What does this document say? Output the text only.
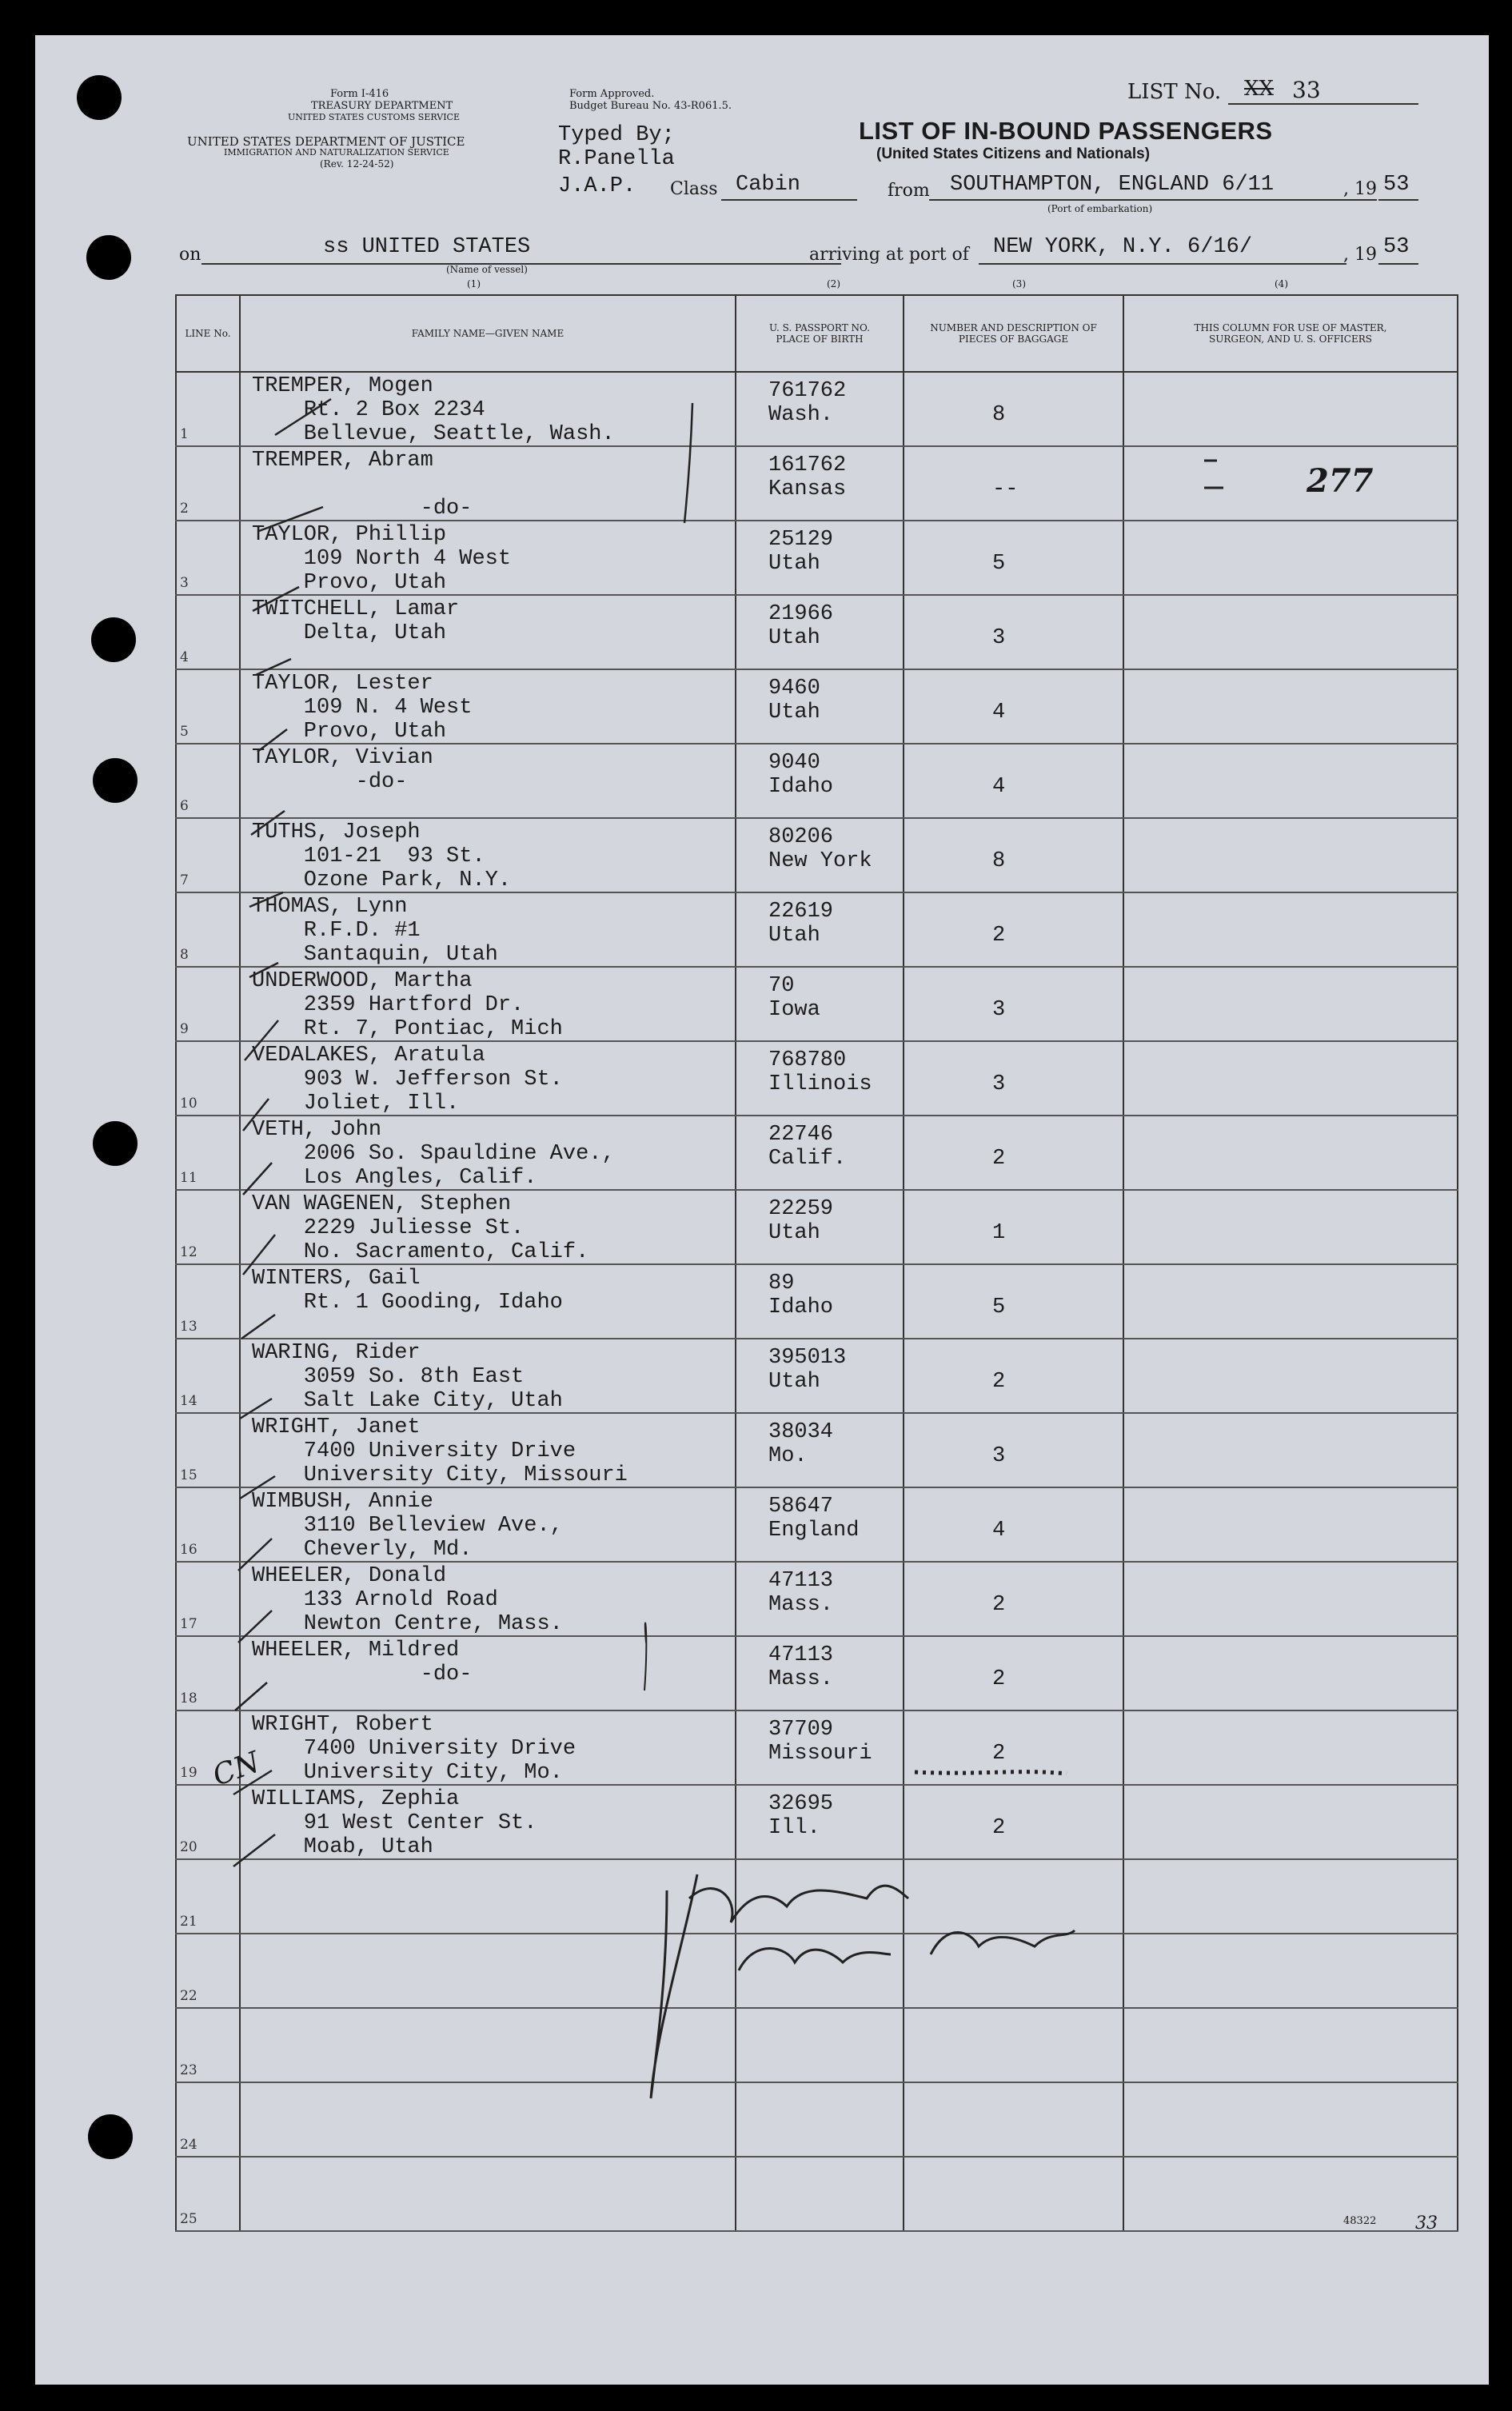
Form I-416
TREASURY DEPARTMENT
UNITED STATES CUSTOMS SERVICE
UNITED STATES DEPARTMENT OF JUSTICE
IMMIGRATION AND NATURALIZATION SERVICE
(Rev. 12-24-52)
Form Approved.
Budget Bureau No. 43-R061.5.
Typed By;
R.Panella
J.A.P. Class Cabin	from SOUTHAMPTON, ENGLAND 6/11	, 19 53
(Port of embarkation)
LIST No. XX 33
LIST OF IN-BOUND PASSENGERS
(United States Citizens and Nationals)
on	ss UNITED STATES
(Name of vessel)
arriving at port of NEW YORK, N.Y. 6/16/	, 19 53
(1)	(2)	(3)	(4)
LINE No.	FAMILY NAME—GIVEN NAME	U. S. PASSPORT NO. PLACE OF BIRTH	NUMBER AND DESCRIPTION OF PIECES OF BAGGAGE	THIS COLUMN FOR USE OF MASTER, SURGEON, AND U. S. OFFICERS

1	TREMPER, Mogen
Rt. 2 Box 2234
Bellevue, Seattle, Wash.	761762
Wash.	8	

2	TREMPER, Abram

-do-	161762
Kansas	--	

3	TAYLOR, Phillip
109 North 4 West
Provo, Utah	25129
Utah	5	

4	TWITCHELL, Lamar
Delta, Utah	21966
Utah	3	

5	TAYLOR, Lester
109 N. 4 West
Provo, Utah	9460
Utah	4	

6	TAYLOR, Vivian
-do-	9040
Idaho	4	

7	TUTHS, Joseph
101-21  93 St.
Ozone Park, N.Y.	80206
New York	8	

8	THOMAS, Lynn
R.F.D. #1
Santaquin, Utah	22619
Utah	2	

9	UNDERWOOD, Martha
2359 Hartford Dr.
Rt. 7, Pontiac, Mich	70
Iowa	3	

10	VEDALAKES, Aratula
903 W. Jefferson St.
Joliet, Ill.	768780
Illinois	3	

11	VETH, John
2006 So. Spauldine Ave.,
Los Angles, Calif.	22746
Calif.	2	

12	VAN WAGENEN, Stephen
2229 Juliesse St.
No. Sacramento, Calif.	22259
Utah	1	

13	WINTERS, Gail
Rt. 1 Gooding, Idaho	89
Idaho	5	

14	WARING, Rider
3059 So. 8th East
Salt Lake City, Utah	395013
Utah	2	

15	WRIGHT, Janet
7400 University Drive
University City, Missouri	38034
Mo.	3	

16	WIMBUSH, Annie
3110 Belleview Ave.,
Cheverly, Md.	58647
England	4	

17	WHEELER, Donald
133 Arnold Road
Newton Centre, Mass.	47113
Mass.	2	

18	WHEELER, Mildred
-do-	47113
Mass.	2	

19	WRIGHT, Robert
7400 University Drive
University City, Mo.	37709
Missouri	2	

20	WILLIAMS, Zephia
91 West Center St.
Moab, Utah	32695
Ill.	2	

21				

22				

23				

24				

25				

277
CN
48322 33
